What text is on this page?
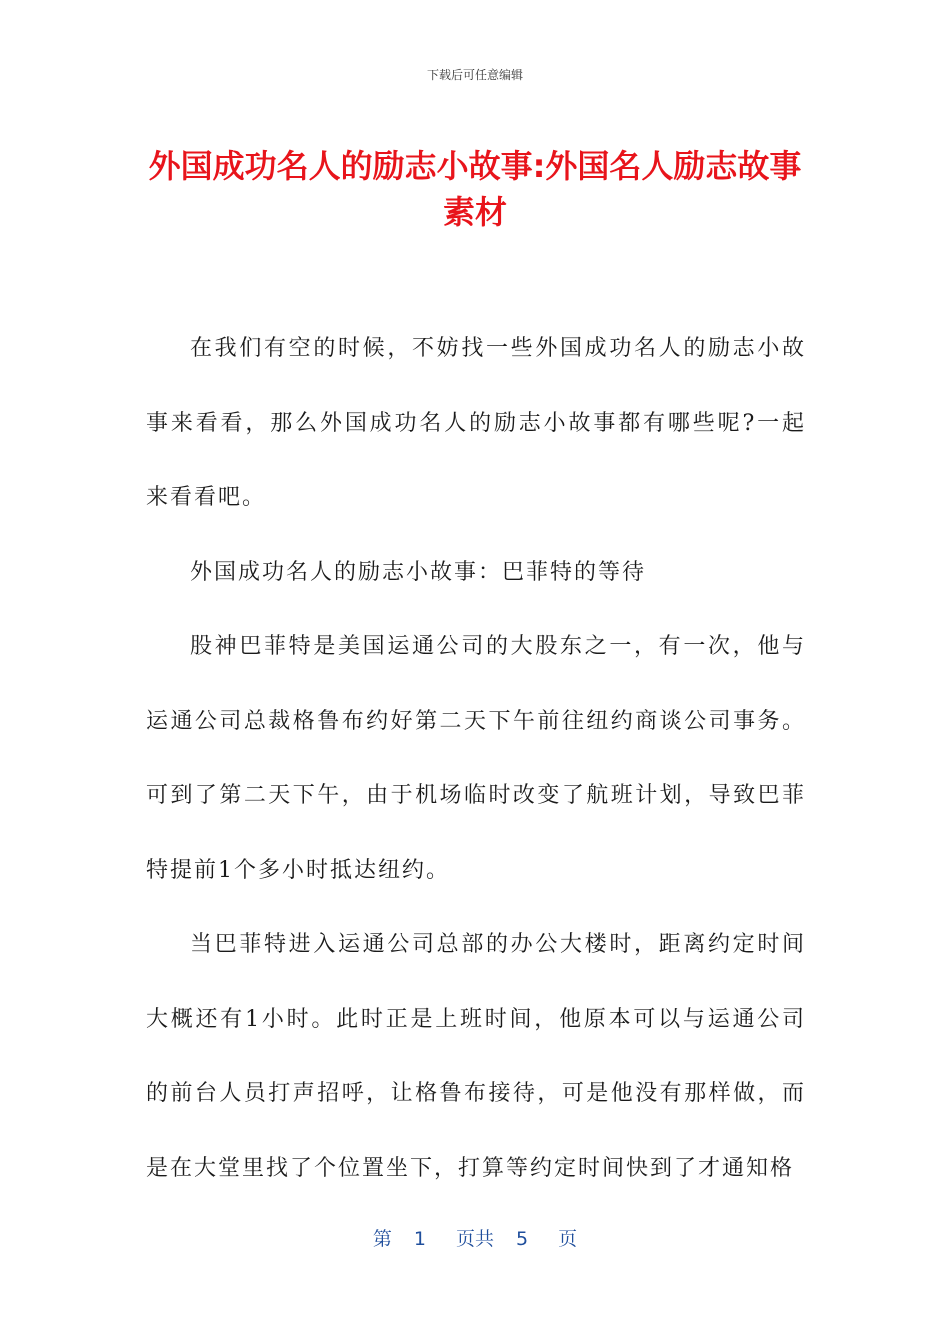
下载后可任意编辑
外国成功名人的励志小故事:外国名人励志故事素材

在我们有空的时候，不妨找一些外国成功名人的励志小故事来看看，那么外国成功名人的励志小故事都有哪些呢?一起来看看吧。

外国成功名人的励志小故事：巴菲特的等待

股神巴菲特是美国运通公司的大股东之一，有一次，他与运通公司总裁格鲁布约好第二天下午前往纽约商谈公司事务。可到了第二天下午，由于机场临时改变了航班计划，导致巴菲特提前1个多小时抵达纽约。

当巴菲特进入运通公司总部的办公大楼时，距离约定时间大概还有1小时。此时正是上班时间，他原本可以与运通公司的前台人员打声招呼，让格鲁布接待，可是他没有那样做，而是在大堂里找了个位置坐下，打算等约定时间快到了才通知格

第 1 页共 5 页
